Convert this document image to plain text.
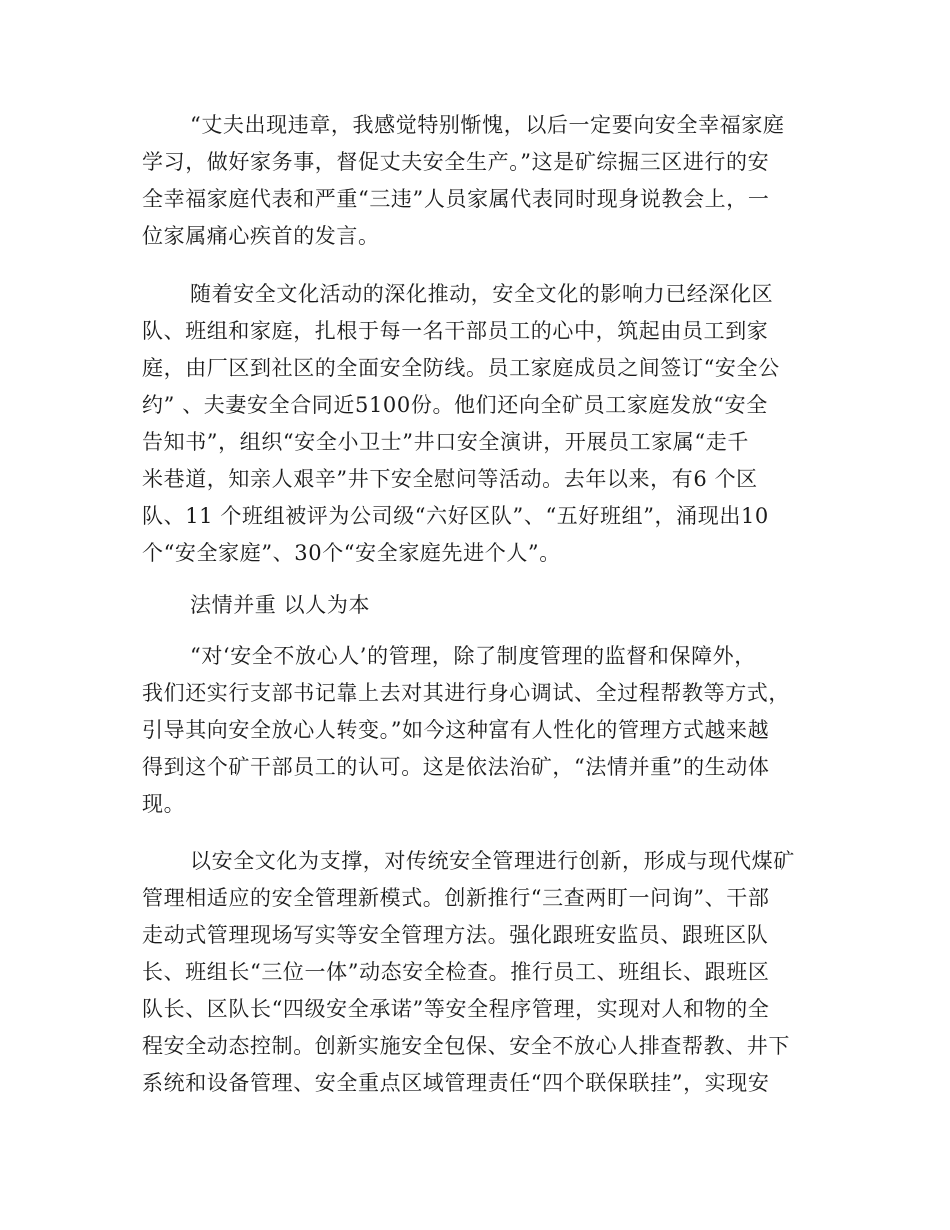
“丈夫出现违章，我感觉特别惭愧，以后一定要向安全幸福家庭
学习，做好家务事，督促丈夫安全生产。”这是矿综掘三区进行的安
全幸福家庭代表和严重“三违”人员家属代表同时现身说教会上，一
位家属痛心疾首的发言。
随着安全文化活动的深化推动，安全文化的影响力已经深化区
队、班组和家庭，扎根于每一名干部员工的心中，筑起由员工到家
庭，由厂区到社区的全面安全防线。员工家庭成员之间签订“安全公
约” 、夫妻安全合同近5100份。他们还向全矿员工家庭发放“安全
告知书”，组织“安全小卫士”井口安全演讲，开展员工家属“走千
米巷道，知亲人艰辛”井下安全慰问等活动。去年以来，有6 个区
队、11 个班组被评为公司级“六好区队”、“五好班组”，涌现出10
个“安全家庭”、30个“安全家庭先进个人”。
法情并重 以人为本
“对‘安全不放心人’的管理，除了制度管理的监督和保障外，
我们还实行支部书记靠上去对其进行身心调试、全过程帮教等方式，
引导其向安全放心人转变。”如今这种富有人性化的管理方式越来越
得到这个矿干部员工的认可。这是依法治矿，“法情并重”的生动体
现。
以安全文化为支撑，对传统安全管理进行创新，形成与现代煤矿
管理相适应的安全管理新模式。创新推行“三查两盯一问询”、干部
走动式管理现场写实等安全管理方法。强化跟班安监员、跟班区队
长、班组长“三位一体”动态安全检查。推行员工、班组长、跟班区
队长、区队长“四级安全承诺”等安全程序管理，实现对人和物的全
程安全动态控制。创新实施安全包保、安全不放心人排查帮教、井下
系统和设备管理、安全重点区域管理责任“四个联保联挂”，实现安
